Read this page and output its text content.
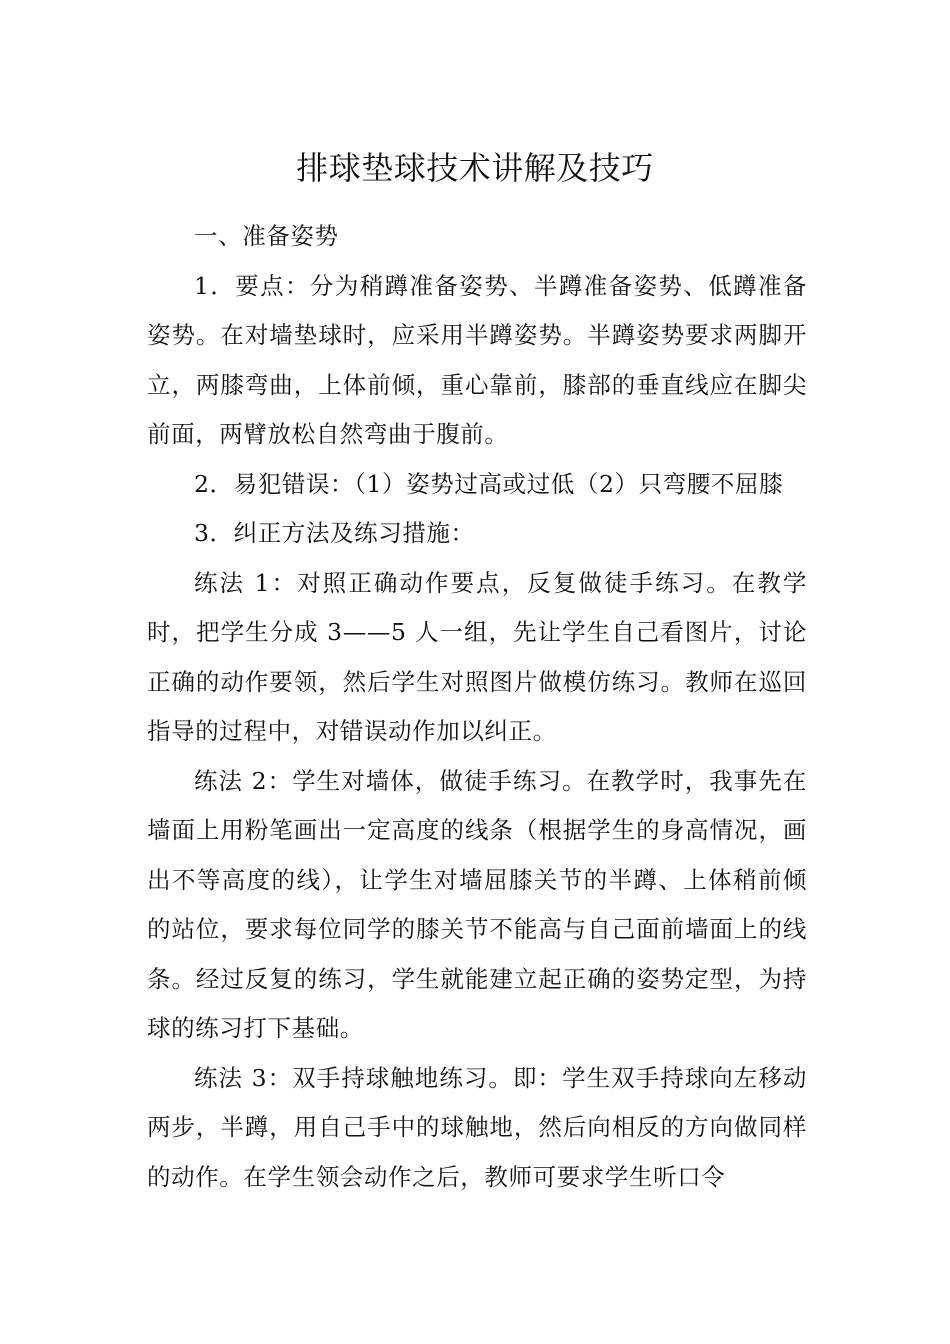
排球垫球技术讲解及技巧

一、准备姿势

1．要点：分为稍蹲准备姿势、半蹲准备姿势、低蹲准备姿势。在对墙垫球时，应采用半蹲姿势。半蹲姿势要求两脚开立，两膝弯曲，上体前倾，重心靠前，膝部的垂直线应在脚尖前面，两臂放松自然弯曲于腹前。

2．易犯错误：（1）姿势过高或过低（2）只弯腰不屈膝

3．纠正方法及练习措施：

练法 1：对照正确动作要点，反复做徒手练习。在教学时，把学生分成 3——5 人一组，先让学生自己看图片，讨论正确的动作要领，然后学生对照图片做模仿练习。教师在巡回指导的过程中，对错误动作加以纠正。

练法 2：学生对墙体，做徒手练习。在教学时，我事先在墙面上用粉笔画出一定高度的线条（根据学生的身高情况，画出不等高度的线），让学生对墙屈膝关节的半蹲、上体稍前倾的站位，要求每位同学的膝关节不能高与自己面前墙面上的线条。经过反复的练习，学生就能建立起正确的姿势定型，为持球的练习打下基础。

练法 3：双手持球触地练习。即：学生双手持球向左移动两步，半蹲，用自己手中的球触地，然后向相反的方向做同样的动作。在学生领会动作之后，教师可要求学生听口令
